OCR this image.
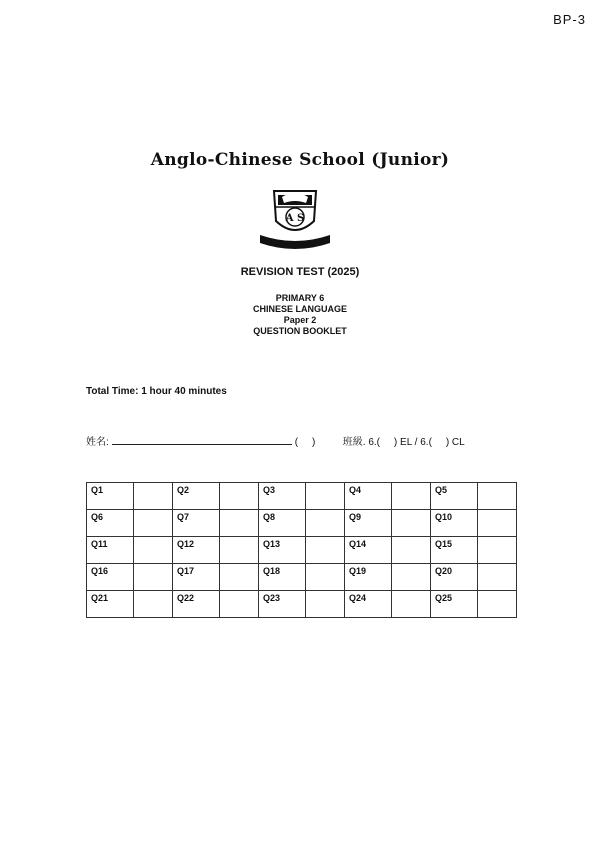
BP-3
Anglo-Chinese School (Junior)
A S
REVISION TEST (2025)
PRIMARY 6
CHINESE LANGUAGE
Paper 2
QUESTION BOOKLET
Total Time: 1 hour 40 minutes
姓名:	( )	班級. 6.( ) EL / 6.( ) CL
Q1		Q2		Q3		Q4		Q5	
Q6		Q7		Q8		Q9		Q10	
Q11		Q12		Q13		Q14		Q15	
Q16		Q17		Q18		Q19		Q20	
Q21		Q22		Q23		Q24		Q25	
